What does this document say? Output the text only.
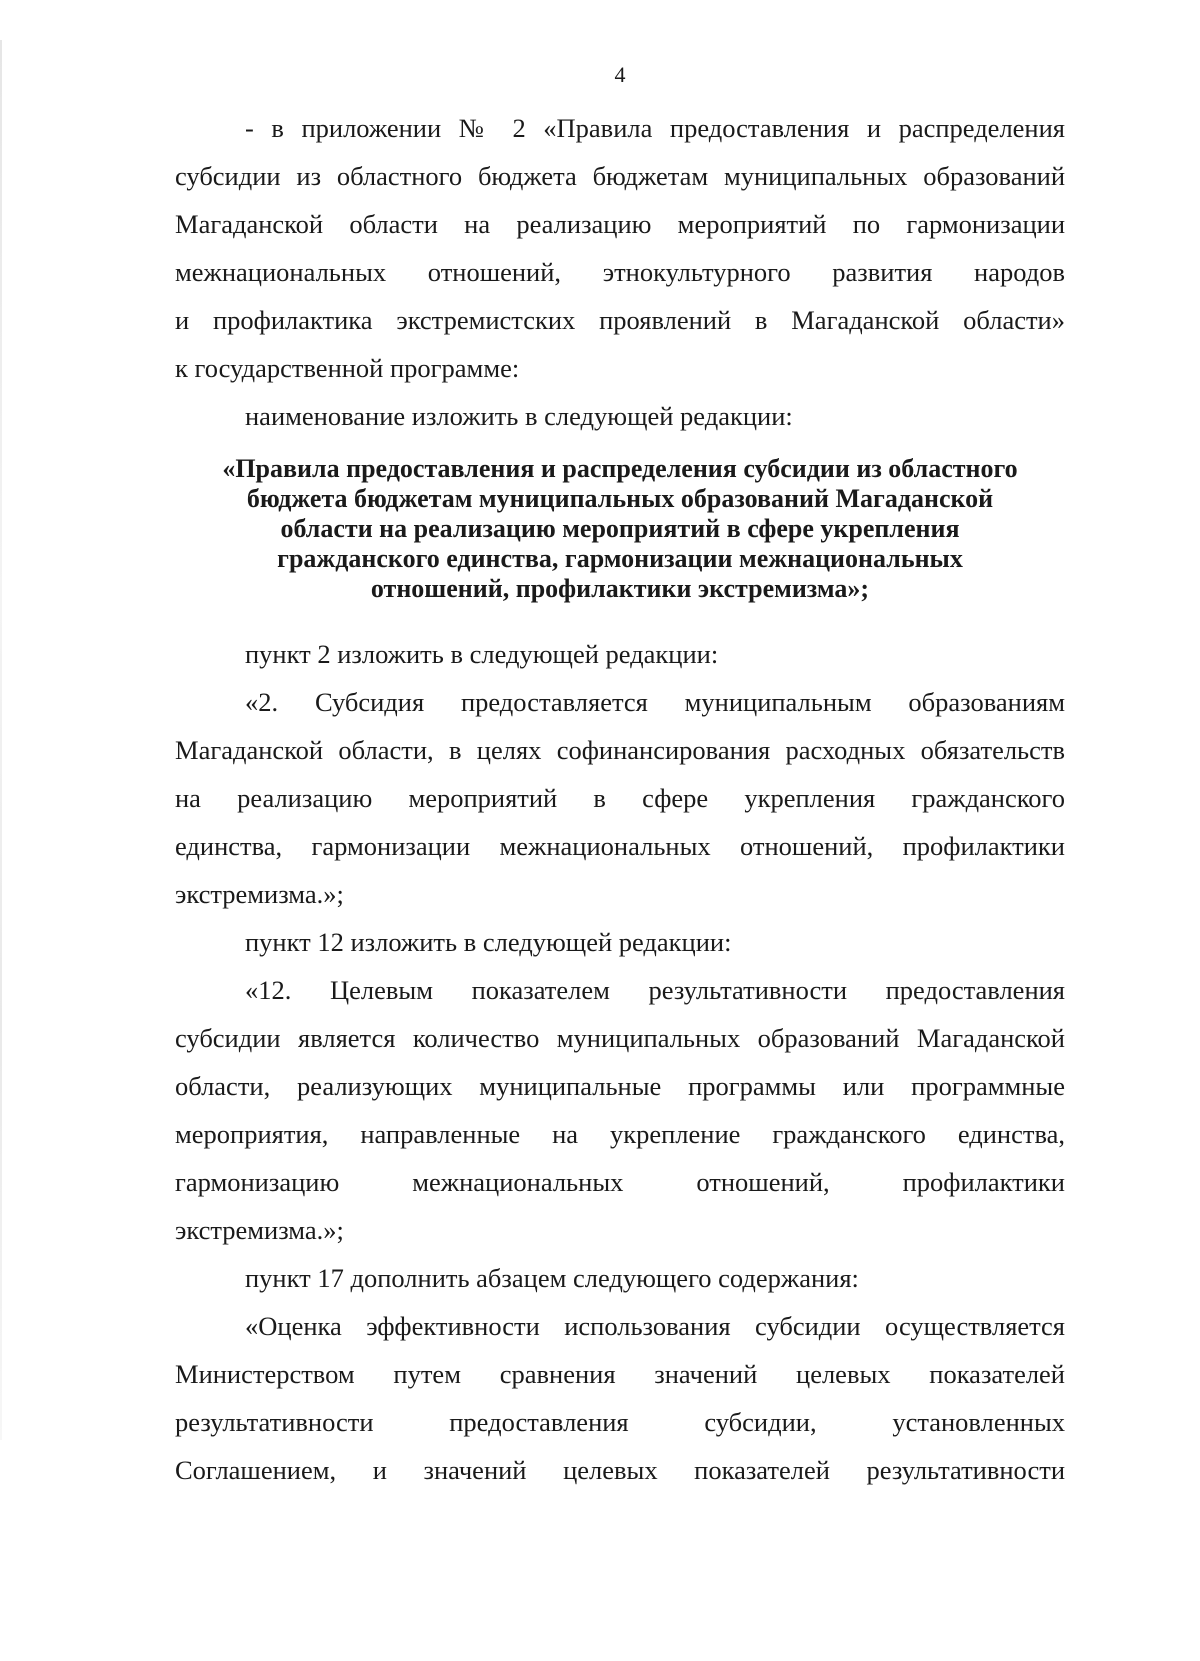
4
- в приложении № 2 «Правила предоставления и распределения
субсидии из областного бюджета бюджетам муниципальных образований
Магаданской области на реализацию мероприятий по гармонизации
межнациональных отношений, этнокультурного развития народов
и профилактика экстремистских проявлений в Магаданской области»
к государственной программе:

наименование изложить в следующей редакции:

«Правила предоставления и распределения субсидии из областного
бюджета бюджетам муниципальных образований Магаданской
области на реализацию мероприятий в сфере укрепления
гражданского единства, гармонизации межнациональных
отношений, профилактики экстремизма»;

пункт 2 изложить в следующей редакции:

«2. Субсидия предоставляется муниципальным образованиям
Магаданской области, в целях софинансирования расходных обязательств
на реализацию мероприятий в сфере укрепления гражданского
единства, гармонизации межнациональных отношений, профилактики
экстремизма.»;

пункт 12 изложить в следующей редакции:

«12. Целевым показателем результативности предоставления
субсидии является количество муниципальных образований Магаданской
области, реализующих муниципальные программы или программные
мероприятия, направленные на укрепление гражданского единства,
гармонизацию межнациональных отношений, профилактики
экстремизма.»;

пункт 17 дополнить абзацем следующего содержания:

«Оценка эффективности использования субсидии осуществляется
Министерством путем сравнения значений целевых показателей
результативности предоставления субсидии, установленных
Соглашением, и значений целевых показателей результативности
